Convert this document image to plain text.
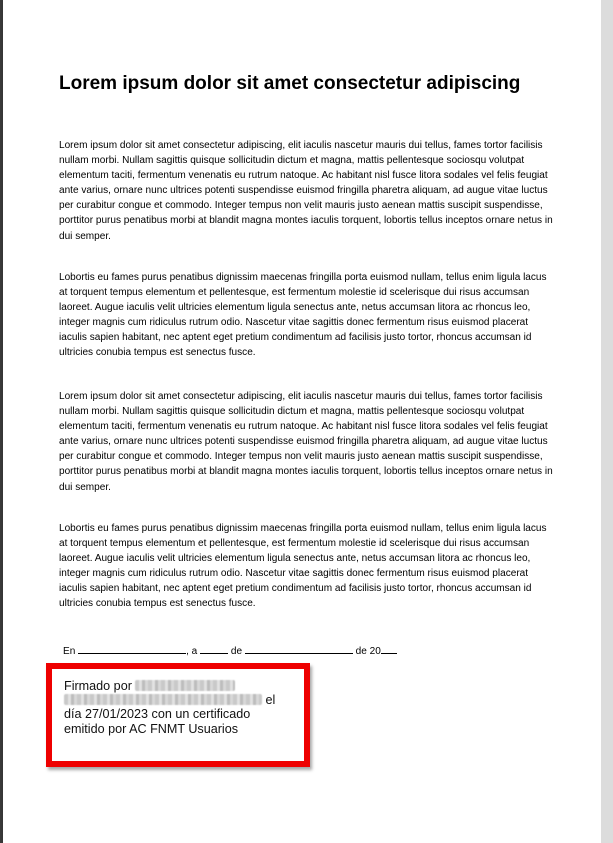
Lorem ipsum dolor sit amet consectetur adipiscing

Lorem ipsum dolor sit amet consectetur adipiscing, elit iaculis nascetur mauris dui tellus, fames tortor facilisis nullam morbi. Nullam sagittis quisque sollicitudin dictum et magna, mattis pellentesque sociosqu volutpat elementum taciti, fermentum venenatis eu rutrum natoque. Ac habitant nisl fusce litora sodales vel felis feugiat ante varius, ornare nunc ultrices potenti suspendisse euismod fringilla pharetra aliquam, ad augue vitae luctus per curabitur congue et commodo. Integer tempus non velit mauris justo aenean mattis suscipit suspendisse, porttitor purus penatibus morbi at blandit magna montes iaculis torquent, lobortis tellus inceptos ornare netus in dui semper.

Lobortis eu fames purus penatibus dignissim maecenas fringilla porta euismod nullam, tellus enim ligula lacus at torquent tempus elementum et pellentesque, est fermentum molestie id scelerisque dui risus accumsan laoreet. Augue iaculis velit ultricies elementum ligula senectus ante, netus accumsan litora ac rhoncus leo, integer magnis cum ridiculus rutrum odio. Nascetur vitae sagittis donec fermentum risus euismod placerat iaculis sapien habitant, nec aptent eget pretium condimentum ad facilisis justo tortor, rhoncus accumsan id ultricies conubia tempus est senectus fusce.

Lorem ipsum dolor sit amet consectetur adipiscing, elit iaculis nascetur mauris dui tellus, fames tortor facilisis nullam morbi. Nullam sagittis quisque sollicitudin dictum et magna, mattis pellentesque sociosqu volutpat elementum taciti, fermentum venenatis eu rutrum natoque. Ac habitant nisl fusce litora sodales vel felis feugiat ante varius, ornare nunc ultrices potenti suspendisse euismod fringilla pharetra aliquam, ad augue vitae luctus per curabitur congue et commodo. Integer tempus non velit mauris justo aenean mattis suscipit suspendisse, porttitor purus penatibus morbi at blandit magna montes iaculis torquent, lobortis tellus inceptos ornare netus in dui semper.

Lobortis eu fames purus penatibus dignissim maecenas fringilla porta euismod nullam, tellus enim ligula lacus at torquent tempus elementum et pellentesque, est fermentum molestie id scelerisque dui risus accumsan laoreet. Augue iaculis velit ultricies elementum ligula senectus ante, netus accumsan litora ac rhoncus leo, integer magnis cum ridiculus rutrum odio. Nascetur vitae sagittis donec fermentum risus euismod placerat iaculis sapien habitant, nec aptent eget pretium condimentum ad facilisis justo tortor, rhoncus accumsan id ultricies conubia tempus est senectus fusce.

En	, a	de	de 20
Firmado por
el
día 27/01/2023 con un certificado
emitido por AC FNMT Usuarios
